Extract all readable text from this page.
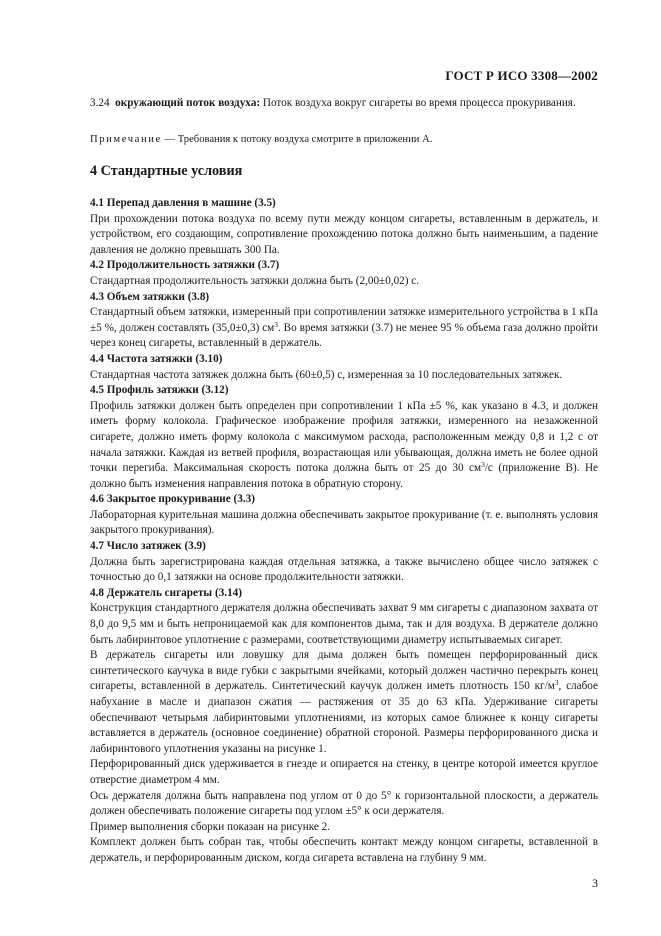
ГОСТ Р ИСО 3308—2002

3.24 окружающий поток воздуха: Поток воздуха вокруг сигареты во время процесса прокуривания.

Примечание — Требования к потоку воздуха смотрите в приложении А.
4 Стандартные условия

4.1 Перепад давления в машине (3.5)

При прохождении потока воздуха по всему пути между концом сигареты, вставленным в держатель, и устройством, его создающим, сопротивление прохождению потока должно быть наименьшим, а падение давления не должно превышать 300 Па.

4.2 Продолжительность затяжки (3.7)

Стандартная продолжительность затяжки должна быть (2,00±0,02) с.

4.3 Объем затяжки (3.8)

Стандартный объем затяжки, измеренный при сопротивлении затяжке измерительного устройства в 1 кПа ±5 %, должен составлять (35,0±0,3) $см^3$. Во время затяжки (3.7) не менее 95 % объема газа должно пройти через конец сигареты, вставленный в держатель.

4.4 Частота затяжки (3.10)

Стандартная частота затяжек должна быть (60±0,5) с, измеренная за 10 последовательных затяжек.

4.5 Профиль затяжки (3.12)

Профиль затяжки должен быть определен при сопротивлении 1 кПа ±5 %, как указано в 4.3, и должен иметь форму колокола. Графическое изображение профиля затяжки, измеренного на незажженной сигарете, должно иметь форму колокола с максимумом расхода, расположенным между 0,8 и 1,2 с от начала затяжки. Каждая из ветвей профиля, возрастающая или убывающая, должна иметь не более одной точки перегиба. Максимальная скорость потока должна быть от 25 до 30 $см^3/с$ (приложение В). Не должно быть изменения направления потока в обратную сторону.

4.6 Закрытое прокуривание (3.3)

Лабораторная курительная машина должна обеспечивать закрытое прокуривание (т. е. выполнять условия закрытого прокуривания).

4.7 Число затяжек (3.9)

Должна быть зарегистрирована каждая отдельная затяжка, а также вычислено общее число затяжек с точностью до 0,1 затяжки на основе продолжительности затяжки.

4.8 Держатель сигареты (3.14)

Конструкция стандартного держателя должна обеспечивать захват 9 мм сигареты с диапазоном захвата от 8,0 до 9,5 мм и быть непроницаемой как для компонентов дыма, так и для воздуха. В держателе должно быть лабиринтовое уплотнение с размерами, соответствующими диаметру испытываемых сигарет.

В держатель сигареты или ловушку для дыма должен быть помещен перфорированный диск синтетического каучука в виде губки с закрытыми ячейками, который должен частично перекрыть конец сигареты, вставленной в держатель. Синтетический каучук должен иметь плотность 150 $кг/м^3$, слабое набухание в масле и диапазон сжатия — растяжения от 35 до 63 кПа. Удерживание сигареты обеспечивают четырьмя лабиринтовыми уплотнениями, из которых самое ближнее к концу сигареты вставляется в держатель (основное соединение) обратной стороной. Размеры перфорированного диска и лабиринтового уплотнения указаны на рисунке 1.

Перфорированный диск удерживается в гнезде и опирается на стенку, в центре которой имеется круглое отверстие диаметром 4 мм.

Ось держателя должна быть направлена под углом от 0 до 5° к горизонтальной плоскости, а держатель должен обеспечивать положение сигареты под углом ±5° к оси держателя.

Пример выполнения сборки показан на рисунке 2.

Комплект должен быть собран так, чтобы обеспечить контакт между концом сигареты, вставленной в держатель, и перфорированным диском, когда сигарета вставлена на глубину 9 мм.

3
